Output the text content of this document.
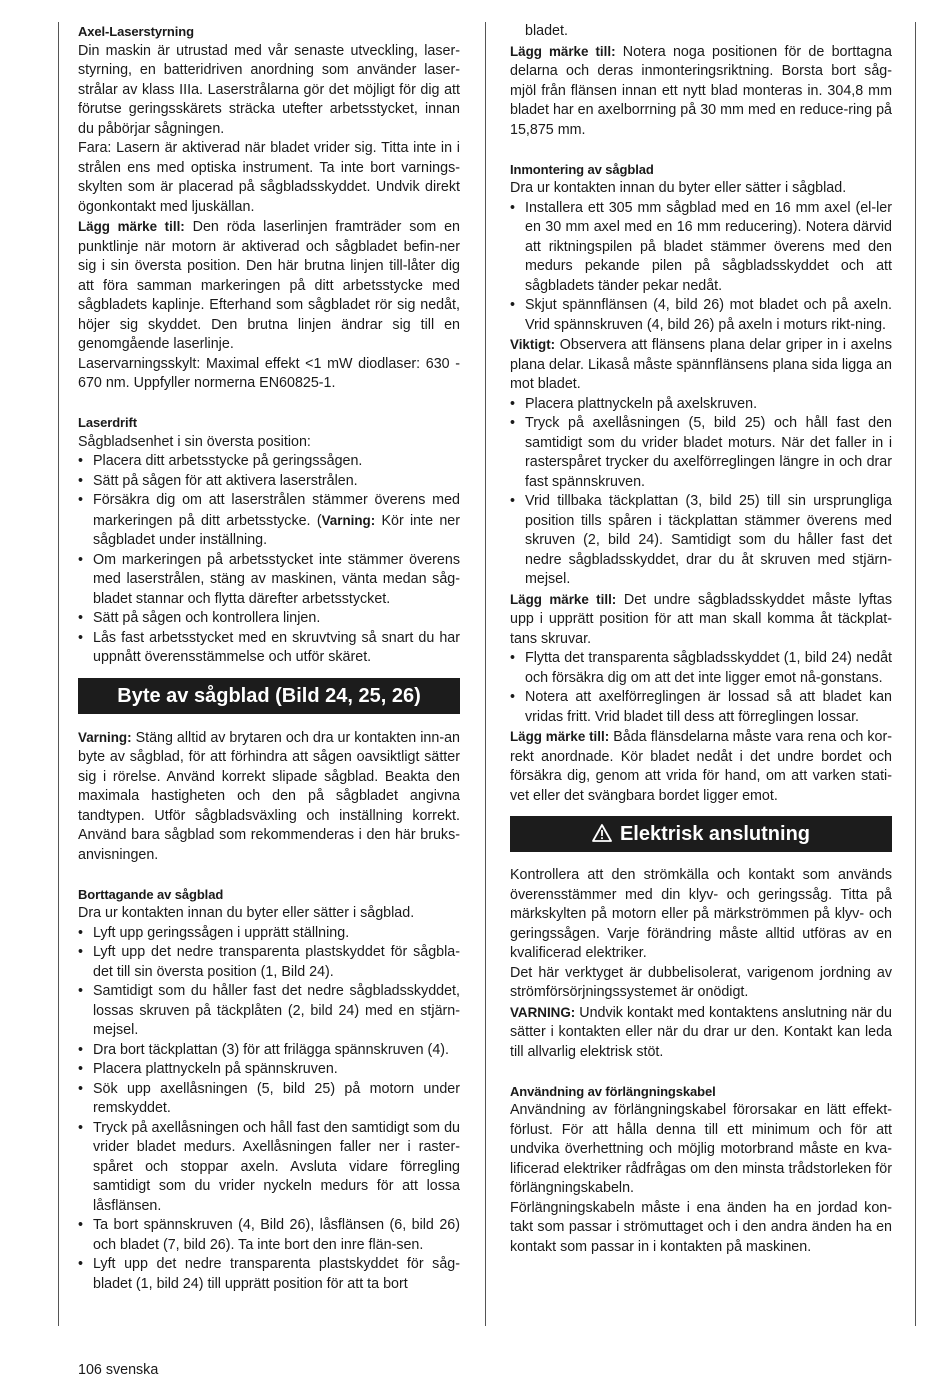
Axel-Laserstyrning

Din maskin är utrustad med vår senaste utveckling, laser-styrning, en batteridriven anordning som använder laser-strålar av klass IIIa. Laserstrålarna gör det möjligt för dig att förutse geringsskärets sträcka utefter arbetsstycket, innan du påbörjar sågningen.

Fara: Lasern är aktiverad när bladet vrider sig. Titta inte in i strålen ens med optiska instrument. Ta inte bort varnings-skylten som är placerad på sågbladsskyddet. Undvik direkt ögonkontakt med ljuskällan.

Lägg märke till: Den röda laserlinjen framträder som en punktlinje när motorn är aktiverad och sågbladet befin-ner sig i sin översta position. Den här brutna linjen till-låter dig att föra samman markeringen på ditt arbetsstycke med sågbladets kaplinje. Efterhand som sågbladet rör sig nedåt, höjer sig skyddet. Den brutna linjen ändrar sig till en genomgående laserlinje.

Laservarningsskylt: Maximal effekt <1 mW diodlaser: 630 - 670 nm. Uppfyller normerna EN60825-1.

Laserdrift

Sågbladsenhet i sin översta position:

• Placera ditt arbetsstycke på geringssågen.
• Sätt på sågen för att aktivera laserstrålen.
• Försäkra dig om att laserstrålen stämmer överens med markeringen på ditt arbetsstycke. (Varning: Kör inte ner sågbladet under inställning.
• Om markeringen på arbetsstycket inte stämmer överens med laserstrålen, stäng av maskinen, vänta medan såg-bladet stannar och flytta därefter arbetsstycket.
• Sätt på sågen och kontrollera linjen.
• Lås fast arbetsstycket med en skruvtving så snart du har uppnått överensstämmelse och utför skäret.
Byte av sågblad (Bild 24, 25, 26)

Varning: Stäng alltid av brytaren och dra ur kontakten inn-an byte av sågblad, för att förhindra att sågen oavsiktligt sätter sig i rörelse. Använd korrekt slipade sågblad. Beakta den maximala hastigheten och den på sågbladet angivna tandtypen. Utför sågbladsväxling och inställning korrekt. Använd bara sågblad som rekommenderas i den här bruks-anvisningen.

Borttagande av sågblad

Dra ur kontakten innan du byter eller sätter i sågblad.

• Lyft upp geringssågen i upprätt ställning.
• Lyft upp det nedre transparenta plastskyddet för sågbla-det till sin översta position (1, Bild 24).
• Samtidigt som du håller fast det nedre sågbladsskyddet, lossas skruven på täckplåten (2, bild 24) med en stjärn-mejsel.
• Dra bort täckplattan (3) för att frilägga spännskruven (4).
• Placera plattnyckeln på spännskruven.
• Sök upp axellåsningen (5, bild 25) på motorn under remskyddet.
• Tryck på axellåsningen och håll fast den samtidigt som du vrider bladet medurs. Axellåsningen faller ner i raster-spåret och stoppar axeln. Avsluta vidare förregling samtidigt som du vrider nyckeln medurs för att lossa låsflänsen.
• Ta bort spännskruven (4, Bild 26), låsflänsen (6, bild 26) och bladet (7, bild 26). Ta inte bort den inre flän-sen.
• Lyft upp det nedre transparenta plastskyddet för såg-bladet (1, bild 24) till upprätt position för att ta bort

bladet.

Lägg märke till: Notera noga positionen för de borttagna delarna och deras inmonteringsriktning. Borsta bort såg-mjöl från flänsen innan ett nytt blad monteras in. 304,8 mm bladet har en axelborrning på 30 mm med en reduce-ring på 15,875 mm.

Inmontering av sågblad

Dra ur kontakten innan du byter eller sätter i sågblad.

• Installera ett 305 mm sågblad med en 16 mm axel (el-ler en 30 mm axel med en 16 mm reducering). Notera därvid att riktningspilen på bladet stämmer överens med den medurs pekande pilen på sågbladsskyddet och att sågbladets tänder pekar nedåt.
• Skjut spännflänsen (4, bild 26) mot bladet och på axeln. Vrid spännskruven (4, bild 26) på axeln i moturs rikt-ning.

Viktigt: Observera att flänsens plana delar griper in i axelns plana delar. Likaså måste spännflänsens plana sida ligga an mot bladet.

• Placera plattnyckeln på axelskruven.
• Tryck på axellåsningen (5, bild 25) och håll fast den samtidigt som du vrider bladet moturs. När det faller in i rasterspåret trycker du axelförreglingen längre in och drar fast spännskruven.
• Vrid tillbaka täckplattan (3, bild 25) till sin ursprungliga position tills spåren i täckplattan stämmer överens med skruven (2, bild 24). Samtidigt som du håller fast det nedre sågbladsskyddet, drar du åt skruven med stjärn-mejsel.

Lägg märke till: Det undre sågbladsskyddet måste lyftas upp i upprätt position för att man skall komma åt täckplat-tans skruvar.

• Flytta det transparenta sågbladsskyddet (1, bild 24) nedåt och försäkra dig om att det inte ligger emot nå-gonstans.
• Notera att axelförreglingen är lossad så att bladet kan vridas fritt. Vrid bladet till dess att förreglingen lossar.

Lägg märke till: Båda flänsdelarna måste vara rena och kor-rekt anordnade. Kör bladet nedåt i det undre bordet och försäkra dig, genom att vrida för hand, om att varken stati-vet eller det svängbara bordet ligger emot.

Elektrisk anslutning

Kontrollera att den strömkälla och kontakt som används överensstämmer med din klyv- och geringssåg. Titta på märkskylten på motorn eller på märkströmmen på klyv- och geringssågen. Varje förändring måste alltid utföras av en kvalificerad elektriker.

Det här verktyget är dubbelisolerat, varigenom jordning av strömförsörjningssystemet är onödigt.

VARNING: Undvik kontakt med kontaktens anslutning när du sätter i kontakten eller när du drar ur den. Kontakt kan leda till allvarlig elektrisk stöt.

Användning av förlängningskabel

Användning av förlängningskabel förorsakar en lätt effekt-förlust. För att hålla denna till ett minimum och för att undvika överhettning och möjlig motorbrand måste en kva-lificerad elektriker rådfrågas om den minsta trådstorleken för förlängningskabeln.

Förlängningskabeln måste i ena änden ha en jordad kon-takt som passar i strömuttaget och i den andra änden ha en kontakt som passar in i kontakten på maskinen.

106 svenska
